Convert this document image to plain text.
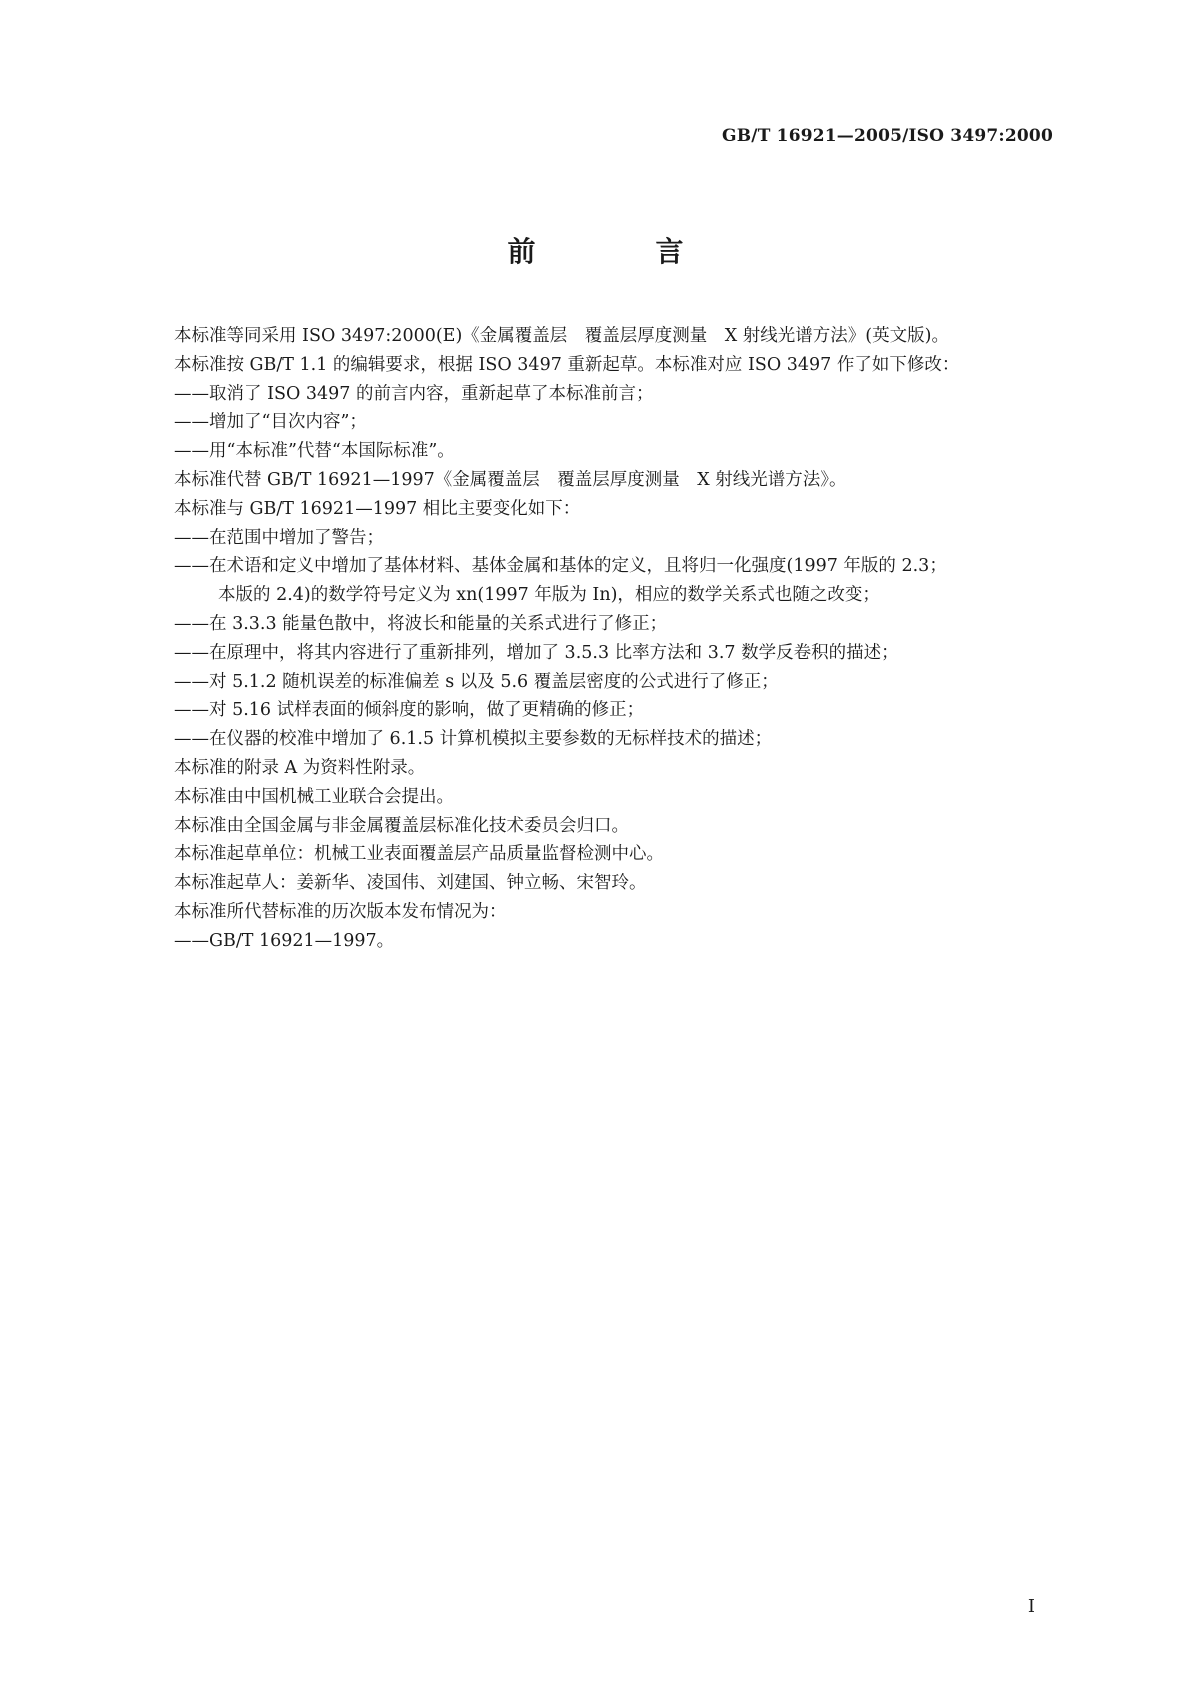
GB/T 16921—2005/ISO 3497:2000
前　言
本标准等同采用 ISO 3497:2000(E)《金属覆盖层　覆盖层厚度测量　X 射线光谱方法》(英文版)。
本标准按 GB/T 1.1 的编辑要求，根据 ISO 3497 重新起草。本标准对应 ISO 3497 作了如下修改：
——取消了 ISO 3497 的前言内容，重新起草了本标准前言；
——增加了“目次内容”；
——用“本标准”代替“本国际标准”。
本标准代替 GB/T 16921—1997《金属覆盖层　覆盖层厚度测量　X 射线光谱方法》。
本标准与 GB/T 16921—1997 相比主要变化如下：
——在范围中增加了警告；
——在术语和定义中增加了基体材料、基体金属和基体的定义，且将归一化强度(1997 年版的 2.3；
本版的 2.4)的数学符号定义为 xn(1997 年版为 In)，相应的数学关系式也随之改变；
——在 3.3.3 能量色散中，将波长和能量的关系式进行了修正；
——在原理中，将其内容进行了重新排列，增加了 3.5.3 比率方法和 3.7 数学反卷积的描述；
——对 5.1.2 随机误差的标准偏差 s 以及 5.6 覆盖层密度的公式进行了修正；
——对 5.16 试样表面的倾斜度的影响，做了更精确的修正；
——在仪器的校准中增加了 6.1.5 计算机模拟主要参数的无标样技术的描述；
本标准的附录 A 为资料性附录。
本标准由中国机械工业联合会提出。
本标准由全国金属与非金属覆盖层标准化技术委员会归口。
本标准起草单位：机械工业表面覆盖层产品质量监督检测中心。
本标准起草人：姜新华、凌国伟、刘建国、钟立畅、宋智玲。
本标准所代替标准的历次版本发布情况为：
——GB/T 16921—1997。
I
